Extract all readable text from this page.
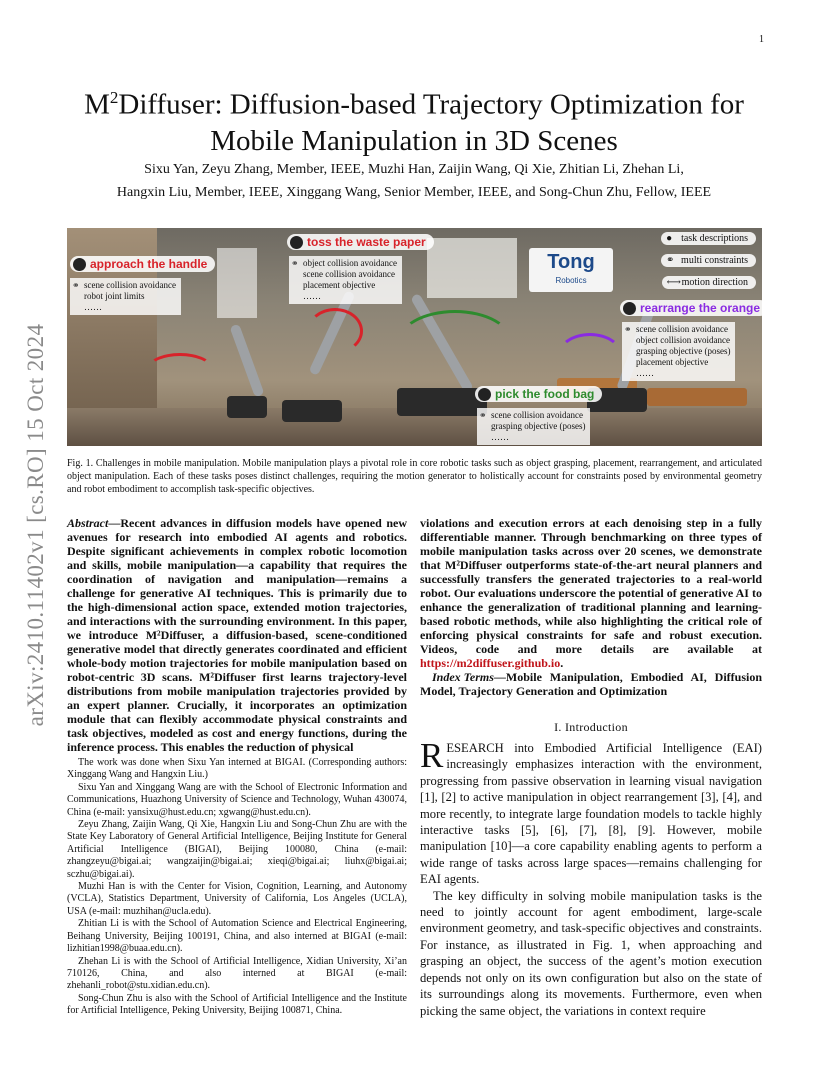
1
arXiv:2410.11402v1 [cs.RO] 15 Oct 2024
$M^2Diffuser$: Diffusion-based Trajectory Optimization for Mobile Manipulation in 3D Scenes
Sixu Yan, Zeyu Zhang, Member, IEEE, Muzhi Han, Zaijin Wang, Qi Xie, Zhitian Li, Zhehan Li,
Hangxin Liu, Member, IEEE, Xinggang Wang, Senior Member, IEEE, and Song-Chun Zhu, Fellow, IEEE
Tong
Robotics
● task descriptions
⚭ multi constraints
⟷ motion direction
approach the handle
⚭ scene collision avoidance
robot joint limits
……
toss the waste paper
⚭ object collision avoidance
scene collision avoidance
placement objective
……
rearrange the orange
⚭ scene collision avoidance
object collision avoidance
grasping objective (poses)
placement objective
……
pick the food bag
⚭ scene collision avoidance
grasping objective (poses)
……
Fig. 1. Challenges in mobile manipulation. Mobile manipulation plays a pivotal role in core robotic tasks such as object grasping, placement, rearrangement, and articulated object manipulation. Each of these tasks poses distinct challenges, requiring the motion generator to holistically account for constraints posed by environmental geometry and robot embodiment to accomplish task-specific objectives.
Abstract—Recent advances in diffusion models have opened new avenues for research into embodied AI agents and robotics. Despite significant achievements in complex robotic locomotion and skills, mobile manipulation—a capability that requires the coordination of navigation and manipulation—remains a challenge for generative AI techniques. This is primarily due to the high-dimensional action space, extended motion trajectories, and interactions with the surrounding environment. In this paper, we introduce M²Diffuser, a diffusion-based, scene-conditioned generative model that directly generates coordinated and efficient whole-body motion trajectories for mobile manipulation based on robot-centric 3D scans. M²Diffuser first learns trajectory-level distributions from mobile manipulation trajectories provided by an expert planner. Crucially, it incorporates an optimization module that can flexibly accommodate physical constraints and task objectives, modeled as cost and energy functions, during the inference process. This enables the reduction of physical
violations and execution errors at each denoising step in a fully differentiable manner. Through benchmarking on three types of mobile manipulation tasks across over 20 scenes, we demonstrate that M²Diffuser outperforms state-of-the-art neural planners and successfully transfers the generated trajectories to a real-world robot. Our evaluations underscore the potential of generative AI to enhance the generalization of traditional planning and learning-based robotic methods, while also highlighting the critical role of enforcing physical constraints for safe and robust execution. Videos, code and more details are available at https://m2diffuser.github.io.
Index Terms—Mobile Manipulation, Embodied AI, Diffusion Model, Trajectory Generation and Optimization
I. Introduction

RESEARCH into Embodied Artificial Intelligence (EAI) increasingly emphasizes interaction with the environment, progressing from passive observation in learning visual navigation [1], [2] to active manipulation in object rearrangement [3], [4], and more recently, to integrate large foundation models to tackle highly interactive tasks [5], [6], [7], [8], [9]. However, mobile manipulation [10]—a core capability enabling agents to perform a wide range of tasks across large spaces—remains challenging for EAI agents.

The key difficulty in solving mobile manipulation tasks is the need to jointly account for agent embodiment, large-scale environment geometry, and task-specific objectives and constraints. For instance, as illustrated in Fig. 1, when approaching and grasping an object, the success of the agent’s motion execution depends not only on its own configuration but also on the state of its surroundings along its movements. Furthermore, even when picking the same object, the variations in context require

The work was done when Sixu Yan interned at BIGAI. (Corresponding authors: Xinggang Wang and Hangxin Liu.)

Sixu Yan and Xinggang Wang are with the School of Electronic Information and Communications, Huazhong University of Science and Technology, Wuhan 430074, China (e-mail: yansixu@hust.edu.cn; xgwang@hust.edu.cn).

Zeyu Zhang, Zaijin Wang, Qi Xie, Hangxin Liu and Song-Chun Zhu are with the State Key Laboratory of General Artificial Intelligence, Beijing Institute for General Artificial Intelligence (BIGAI), Beijing 100080, China (e-mail: zhangzeyu@bigai.ai; wangzaijin@bigai.ai; xieqi@bigai.ai; liuhx@bigai.ai; sczhu@bigai.ai).

Muzhi Han is with the Center for Vision, Cognition, Learning, and Autonomy (VCLA), Statistics Department, University of California, Los Angeles (UCLA), USA (e-mail: muzhihan@ucla.edu).

Zhitian Li is with the School of Automation Science and Electrical Engineering, Beihang University, Beijing 100191, China, and also interned at BIGAI (e-mail: lizhitian1998@buaa.edu.cn).

Zhehan Li is with the School of Artificial Intelligence, Xidian University, Xi’an 710126, China, and also interned at BIGAI (e-mail: zhehanli_robot@stu.xidian.edu.cn).

Song-Chun Zhu is also with the School of Artificial Intelligence and the Institute for Artificial Intelligence, Peking University, Beijing 100871, China.
